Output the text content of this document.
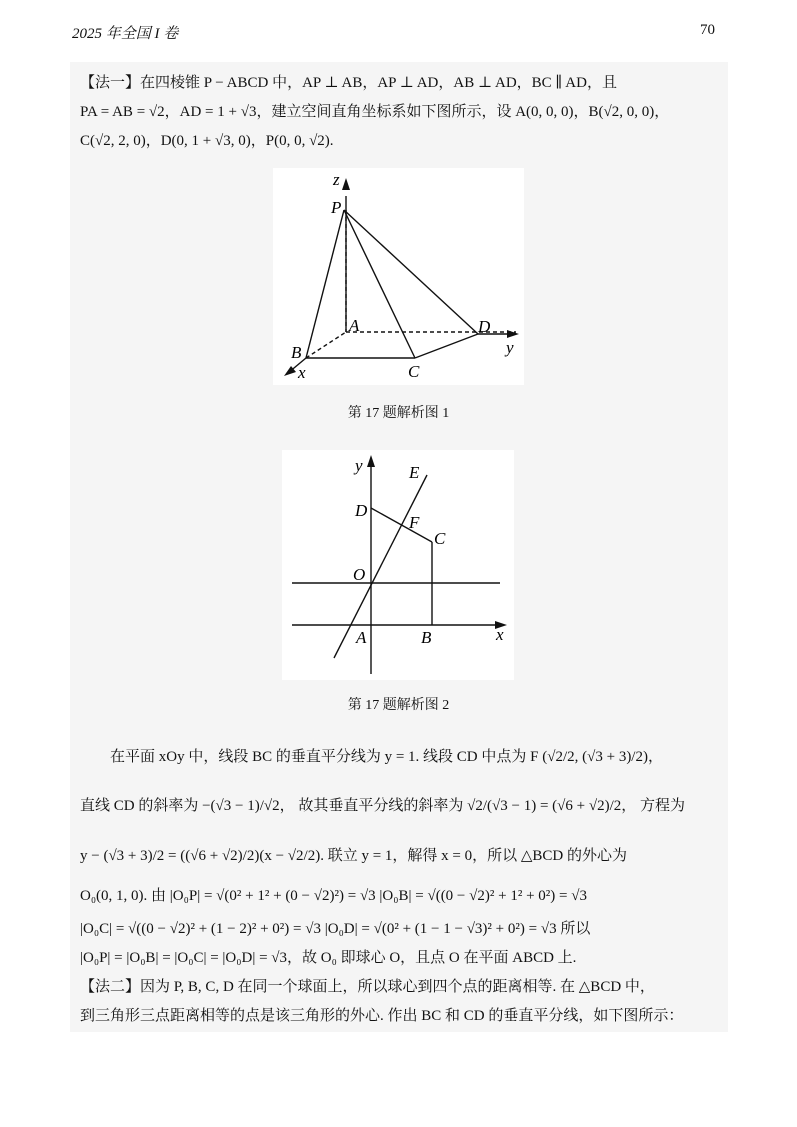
2025 年全国 I 卷	70
【法一】在四棱锥 P − ABCD 中，AP ⊥ AB，AP ⊥ AD，AB ⊥ AD，BC ∥ AD，且
PA = AB = √2，AD = 1 + √3，建立空间直角坐标系如下图所示，设 A(0, 0, 0)，B(√2, 0, 0)，
C(√2, 2, 0)，D(0, 1 + √3, 0)，P(0, 0, √2).
z
P
A	D
y
B
x	C
第 17 题解析图 1
y	E
D
F
C
O
A	B	x
第 17 题解析图 2
在平面 xOy 中，线段 BC 的垂直平分线为 y = 1. 线段 CD 中点为 F (√2/2, (√3 + 3)/2)，
直线 CD 的斜率为 −(√3 − 1)/√2， 故其垂直平分线的斜率为 √2/(√3 − 1) = (√6 + √2)/2， 方程为
y − (√3 + 3)/2 = ((√6 + √2)/2)(x − √2/2). 联立 y = 1，解得 x = 0，所以 △BCD 的外心为
O₀(0, 1, 0). 由 |O₀P| = √(0² + 1² + (0 − √2)²) = √3 |O₀B| = √((0 − √2)² + 1² + 0²) = √3
|O₀C| = √((0 − √2)² + (1 − 2)² + 0²) = √3 |O₀D| = √(0² + (1 − 1 − √3)² + 0²) = √3 所以
|O₀P| = |O₀B| = |O₀C| = |O₀D| = √3，故 O₀ 即球心 O，且点 O 在平面 ABCD 上.
【法二】因为 P, B, C, D 在同一个球面上，所以球心到四个点的距离相等. 在 △BCD 中，
到三角形三点距离相等的点是该三角形的外心. 作出 BC 和 CD 的垂直平分线，如下图所示：
